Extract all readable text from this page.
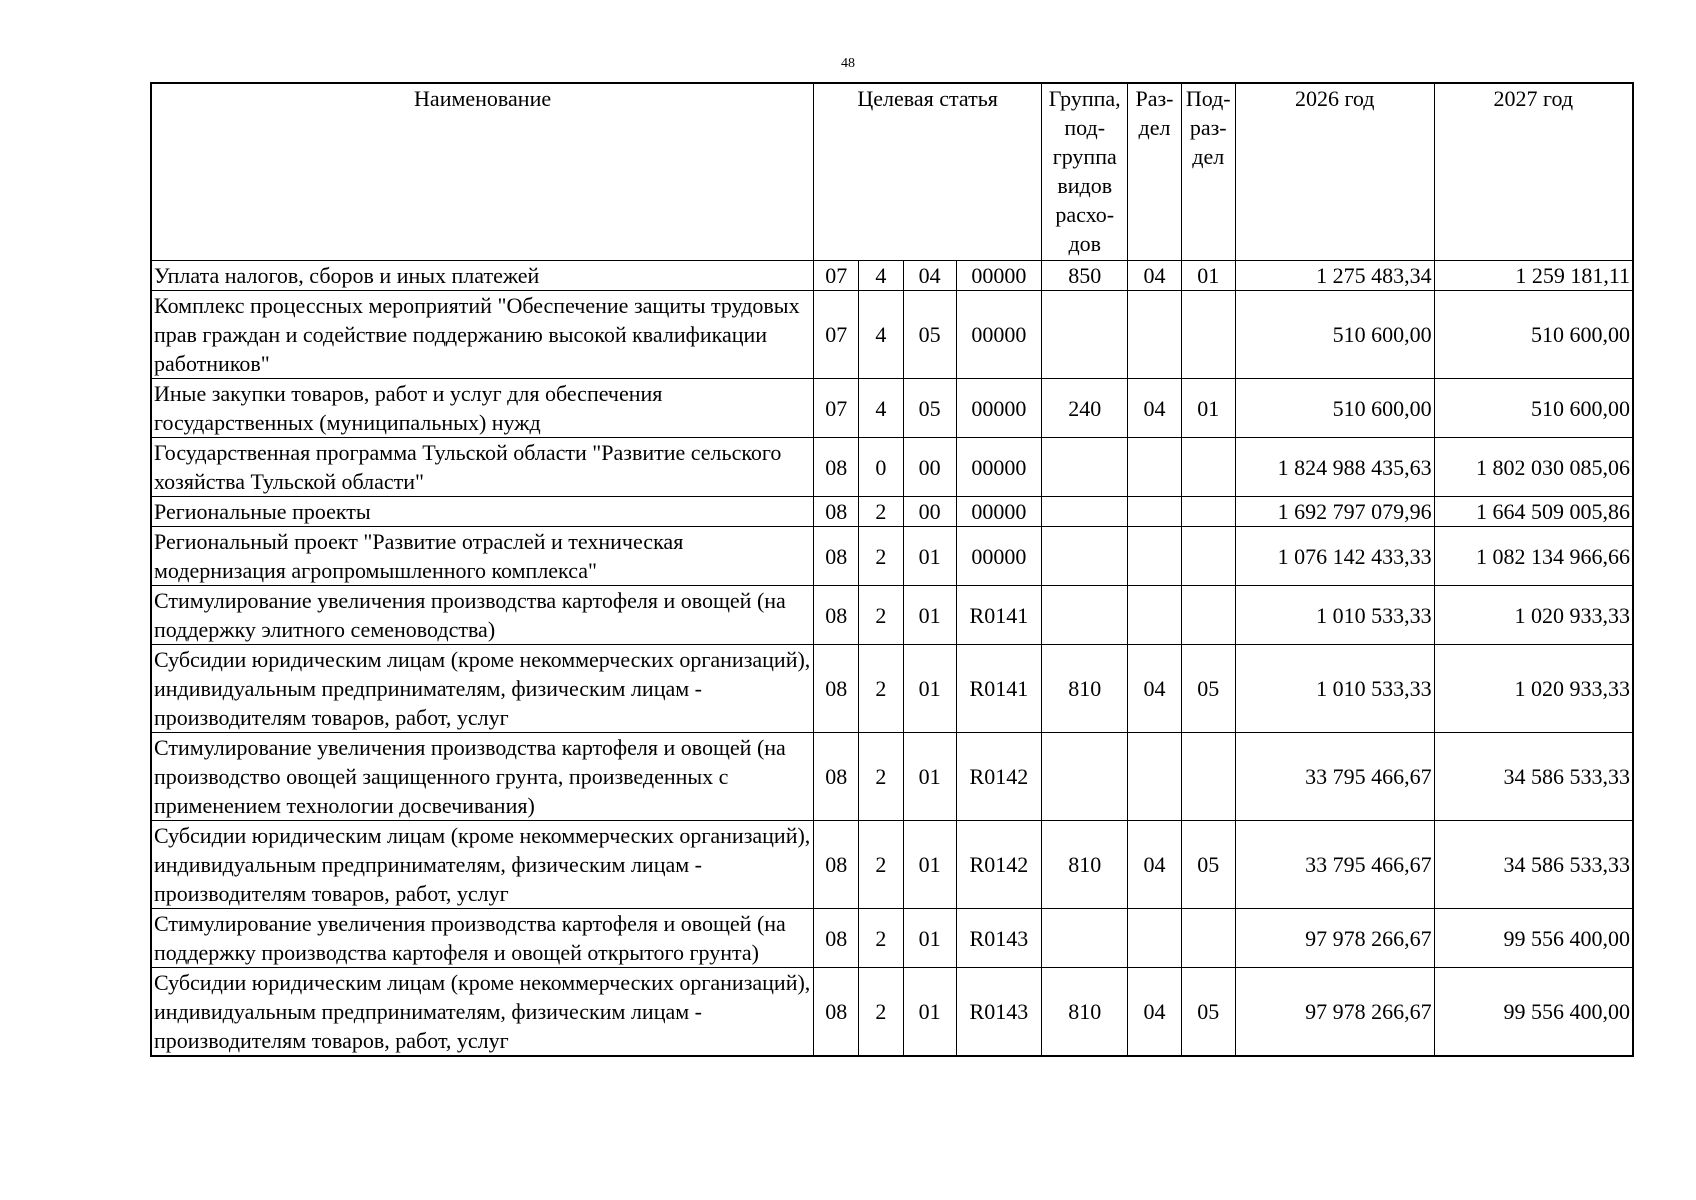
48
Наименование	Целевая статья				Группа, под- группа видов расхо- дов	Раз- дел	Под- раз- дел	2026 год	2027 год
Уплата налогов, сборов и иных платежей	07	4	04	00000	850	04	01	1 275 483,34	1 259 181,11
Комплекс процессных мероприятий "Обеспечение защиты трудовых прав граждан и содействие поддержанию высокой квалификации работников"	07	4	05	00000				510 600,00	510 600,00
Иные закупки товаров, работ и услуг для обеспечения государственных (муниципальных) нужд	07	4	05	00000	240	04	01	510 600,00	510 600,00
Государственная программа Тульской области "Развитие сельского хозяйства Тульской области"	08	0	00	00000				1 824 988 435,63	1 802 030 085,06
Региональные проекты	08	2	00	00000				1 692 797 079,96	1 664 509 005,86
Региональный проект "Развитие отраслей и техническая модернизация агропромышленного комплекса"	08	2	01	00000				1 076 142 433,33	1 082 134 966,66
Стимулирование увеличения производства картофеля и овощей (на поддержку элитного семеноводства)	08	2	01	R0141				1 010 533,33	1 020 933,33
Субсидии юридическим лицам (кроме некоммерческих организаций), индивидуальным предпринимателям, физическим лицам - производителям товаров, работ, услуг	08	2	01	R0141	810	04	05	1 010 533,33	1 020 933,33
Стимулирование увеличения производства картофеля и овощей (на производство овощей защищенного грунта, произведенных с применением технологии досвечивания)	08	2	01	R0142				33 795 466,67	34 586 533,33
Субсидии юридическим лицам (кроме некоммерческих организаций), индивидуальным предпринимателям, физическим лицам - производителям товаров, работ, услуг	08	2	01	R0142	810	04	05	33 795 466,67	34 586 533,33
Стимулирование увеличения производства картофеля и овощей (на поддержку производства картофеля и овощей открытого грунта)	08	2	01	R0143				97 978 266,67	99 556 400,00
Субсидии юридическим лицам (кроме некоммерческих организаций), индивидуальным предпринимателям, физическим лицам - производителям товаров, работ, услуг	08	2	01	R0143	810	04	05	97 978 266,67	99 556 400,00
